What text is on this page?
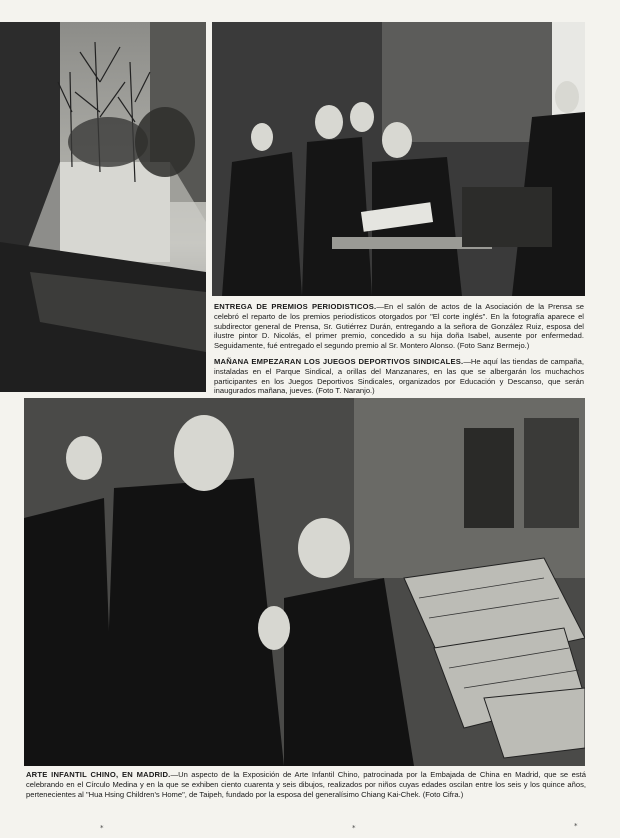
ENTREGA DE PREMIOS PERIODISTICOS.—En el salón de actos de la Asociación de la Prensa se celebró el reparto de los premios periodísticos otorgados por "El corte inglés". En la fotografía aparece el subdirector general de Prensa, Sr. Gutiérrez Durán, entregando a la señora de González Ruiz, esposa del ilustre pintor D. Nicolás, el primer premio, concedido a su hija doña Isabel, ausente por enfermedad. Seguidamente, fué entregado el segundo premio al Sr. Montero Alonso. (Foto Sanz Bermejo.)

MAÑANA EMPEZARAN LOS JUEGOS DEPORTIVOS SINDICALES.—He aquí las tiendas de campaña, instaladas en el Parque Sindical, a orillas del Manzanares, en las que se albergarán los muchachos participantes en los Juegos Deportivos Sindicales, organizados por Educación y Descanso, que serán inaugurados mañana, jueves. (Foto T. Naranjo.)

ARTE INFANTIL CHINO, EN MADRID.—Un aspecto de la Exposición de Arte Infantil Chino, patrocinada por la Embajada de China en Madrid, que se está celebrando en el Círculo Medina y en la que se exhiben ciento cuarenta y seis dibujos, realizados por niños cuyas edades oscilan entre los seis y los quince años, pertenecientes al "Hua Hsing Children's Home", de Taipeh, fundado por la esposa del generalísimo Chiang Kai-Chek. (Foto Cifra.)

*	*	*
